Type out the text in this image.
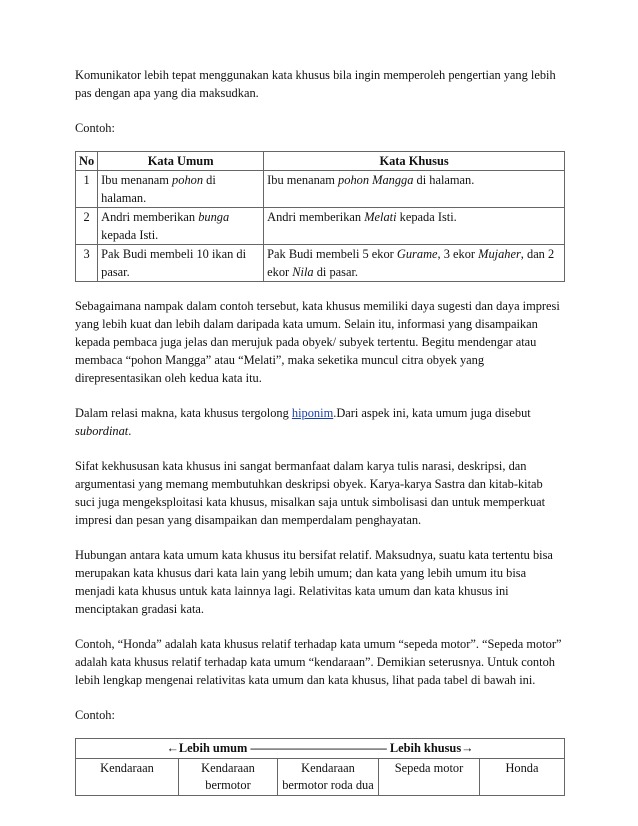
Komunikator lebih tepat menggunakan kata khusus bila ingin memperoleh pengertian yang lebih pas dengan apa yang dia maksudkan.

Contoh:

No	Kata Umum	Kata Khusus
1	Ibu menanam pohon di halaman.	Ibu menanam pohon Mangga di halaman.
2	Andri memberikan bunga kepada Isti.	Andri memberikan Melati kepada Isti.
3	Pak Budi membeli 10 ikan di pasar.	Pak Budi membeli 5 ekor Gurame, 3 ekor Mujaher, dan 2 ekor Nila di pasar.

Sebagaimana nampak dalam contoh tersebut, kata khusus memiliki daya sugesti dan daya impresi yang lebih kuat dan lebih dalam daripada kata umum. Selain itu, informasi yang disampaikan kepada pembaca juga jelas dan merujuk pada obyek/ subyek tertentu. Begitu mendengar atau membaca “pohon Mangga” atau “Melati”, maka seketika muncul citra obyek yang direpresentasikan oleh kedua kata itu.

Dalam relasi makna, kata khusus tergolong hiponim.Dari aspek ini, kata umum juga disebut subordinat.

Sifat kekhususan kata khusus ini sangat bermanfaat dalam karya tulis narasi, deskripsi, dan argumentasi yang memang membutuhkan deskripsi obyek. Karya-karya Sastra dan kitab-kitab suci juga mengeksploitasi kata khusus, misalkan saja untuk simbolisasi dan untuk memperkuat impresi dan pesan yang disampaikan dan memperdalam penghayatan.

Hubungan antara kata umum kata khusus itu bersifat relatif. Maksudnya, suatu kata tertentu bisa merupakan kata khusus dari kata lain yang lebih umum; dan kata yang lebih umum itu bisa menjadi kata khusus untuk kata lainnya lagi. Relativitas kata umum dan kata khusus ini menciptakan gradasi kata.

Contoh, “Honda” adalah kata khusus relatif terhadap kata umum “sepeda motor”. “Sepeda motor” adalah kata khusus relatif terhadap kata umum “kendaraan”. Demikian seterusnya. Untuk contoh lebih lengkap mengenai relativitas kata umum dan kata khusus, lihat pada tabel di bawah ini.

Contoh:

←Lebih umum ——————————— Lebih khusus→
Kendaraan	Kendaraan bermotor	Kendaraan bermotor roda dua	Sepeda motor	Honda
